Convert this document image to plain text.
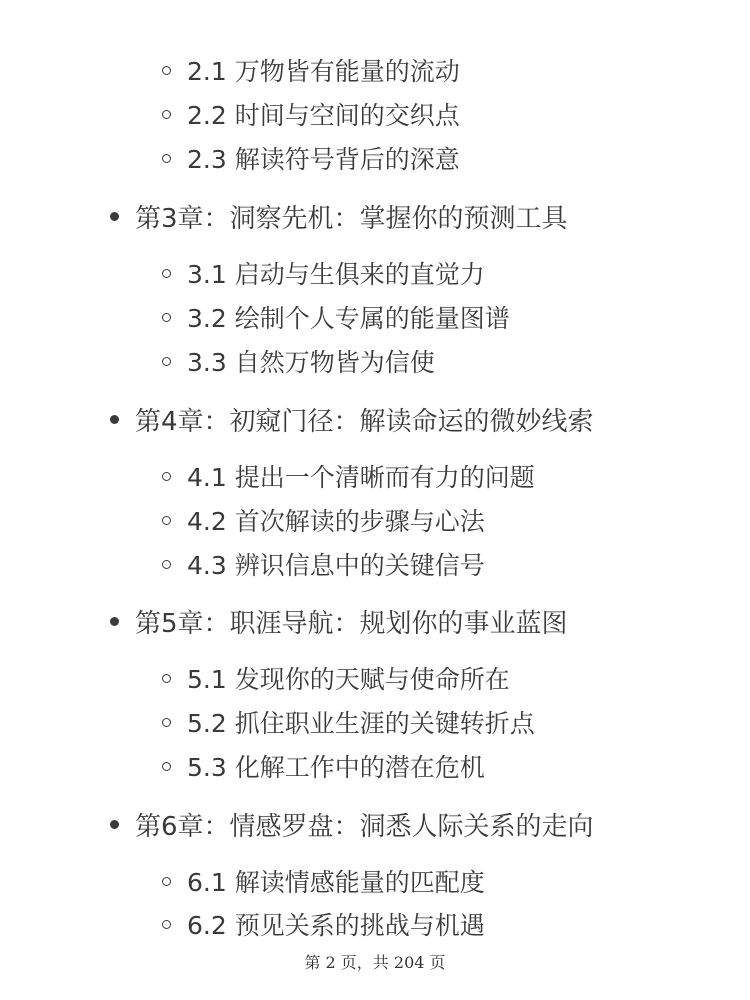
2.1 万物皆有能量的流动
2.2 时间与空间的交织点
2.3 解读符号背后的深意
第3章：洞察先机：掌握你的预测工具
3.1 启动与生俱来的直觉力
3.2 绘制个人专属的能量图谱
3.3 自然万物皆为信使
第4章：初窥门径：解读命运的微妙线索
4.1 提出一个清晰而有力的问题
4.2 首次解读的步骤与心法
4.3 辨识信息中的关键信号
第5章：职涯导航：规划你的事业蓝图
5.1 发现你的天赋与使命所在
5.2 抓住职业生涯的关键转折点
5.3 化解工作中的潜在危机
第6章：情感罗盘：洞悉人际关系的走向
6.1 解读情感能量的匹配度
6.2 预见关系的挑战与机遇
第 2 页，共 204 页
